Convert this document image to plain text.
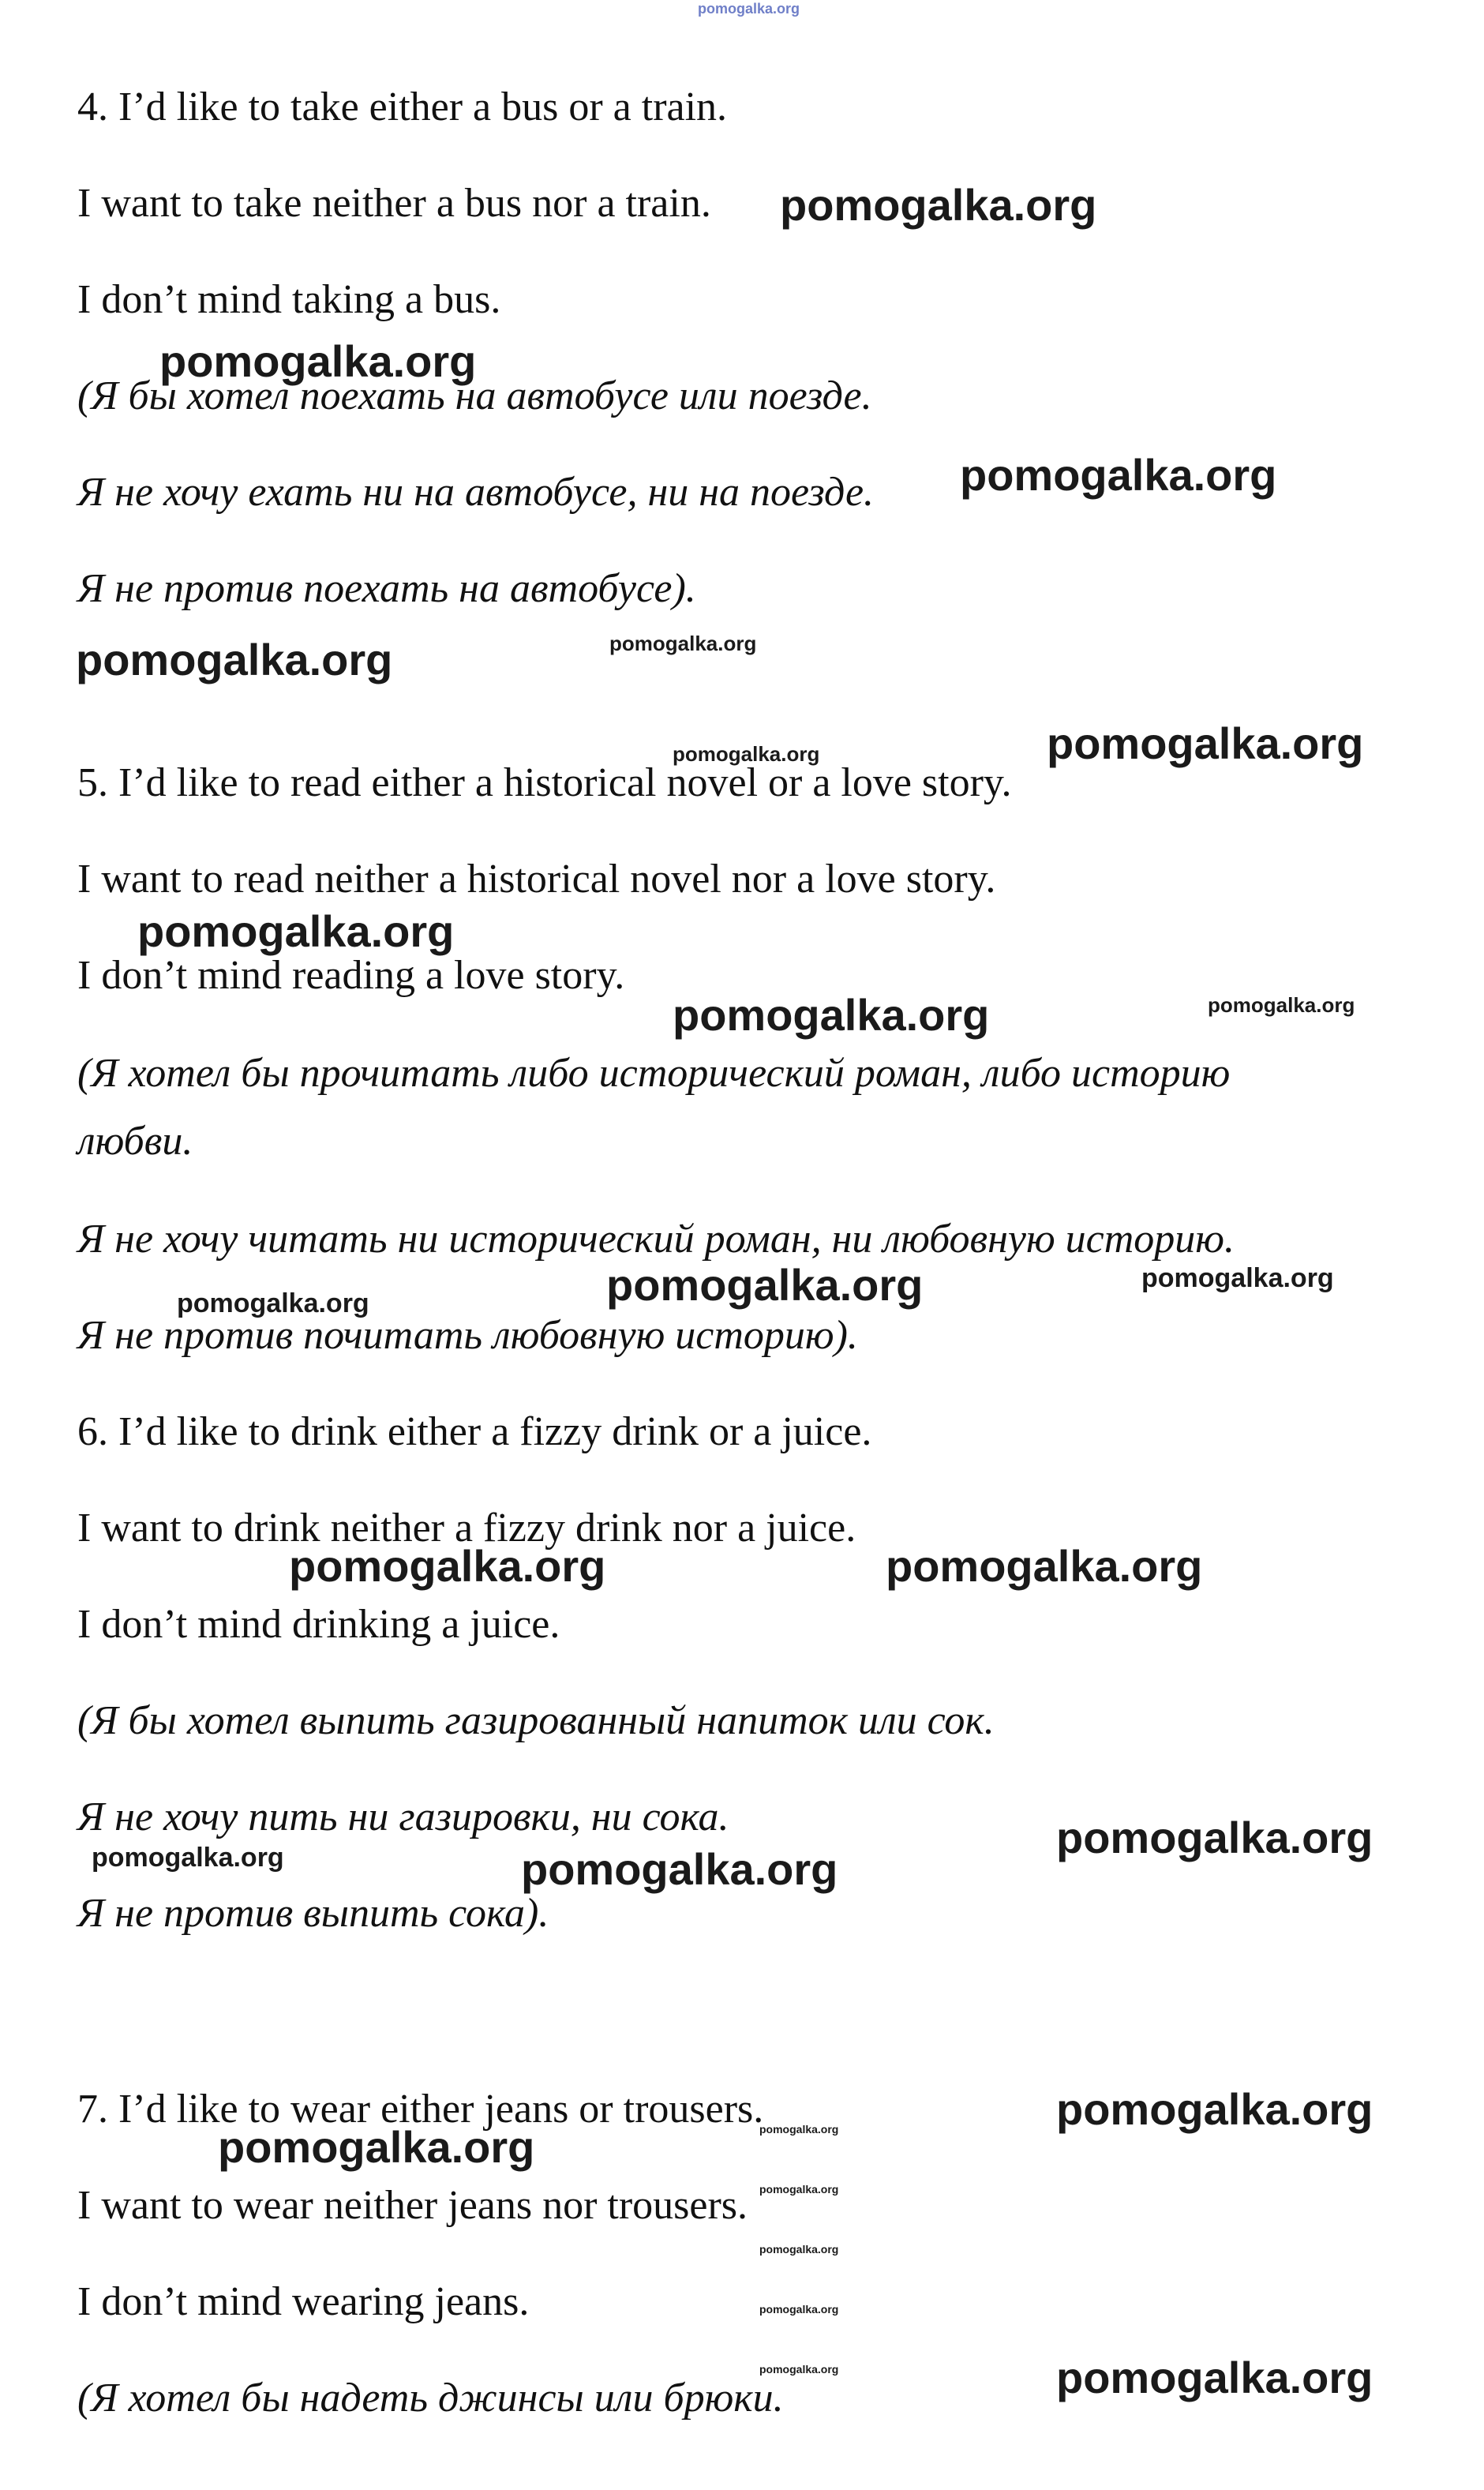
pomogalka.org
4. I’d like to take either a bus or a train.
I want to take neither a bus nor a train.
I don’t mind taking a bus.
(Я бы хотел поехать на автобусе или поезде.
Я не хочу ехать ни на автобусе, ни на поезде.
Я не против поехать на автобусе).
5. I’d like to read either a historical novel or a love story.
I want to read neither a historical novel nor a love story.
I don’t mind reading a love story.
(Я хотел бы прочитать либо исторический роман, либо историю
любви.
Я не хочу читать ни исторический роман, ни любовную историю.
Я не против почитать любовную историю).
6. I’d like to drink either a fizzy drink or a juice.
I want to drink neither a fizzy drink nor a juice.
I don’t mind drinking a juice.
(Я бы хотел выпить газированный напиток или сок.
Я не хочу пить ни газировки, ни сока.
Я не против выпить сока).
7. I’d like to wear either jeans or trousers.
I want to wear neither jeans nor trousers.
I don’t mind wearing jeans.
(Я хотел бы надеть джинсы или брюки.
pomogalka.org
pomogalka.org
pomogalka.org
pomogalka.org	pomogalka.org
pomogalka.org	pomogalka.org
pomogalka.org
pomogalka.org	pomogalka.org
pomogalka.org	pomogalka.org
pomogalka.org
pomogalka.org	pomogalka.org
pomogalka.org
pomogalka.org	pomogalka.org
pomogalka.org
pomogalka.org	pomogalka.org
pomogalka.org
pomogalka.org
pomogalka.org
pomogalka.org	pomogalka.org
